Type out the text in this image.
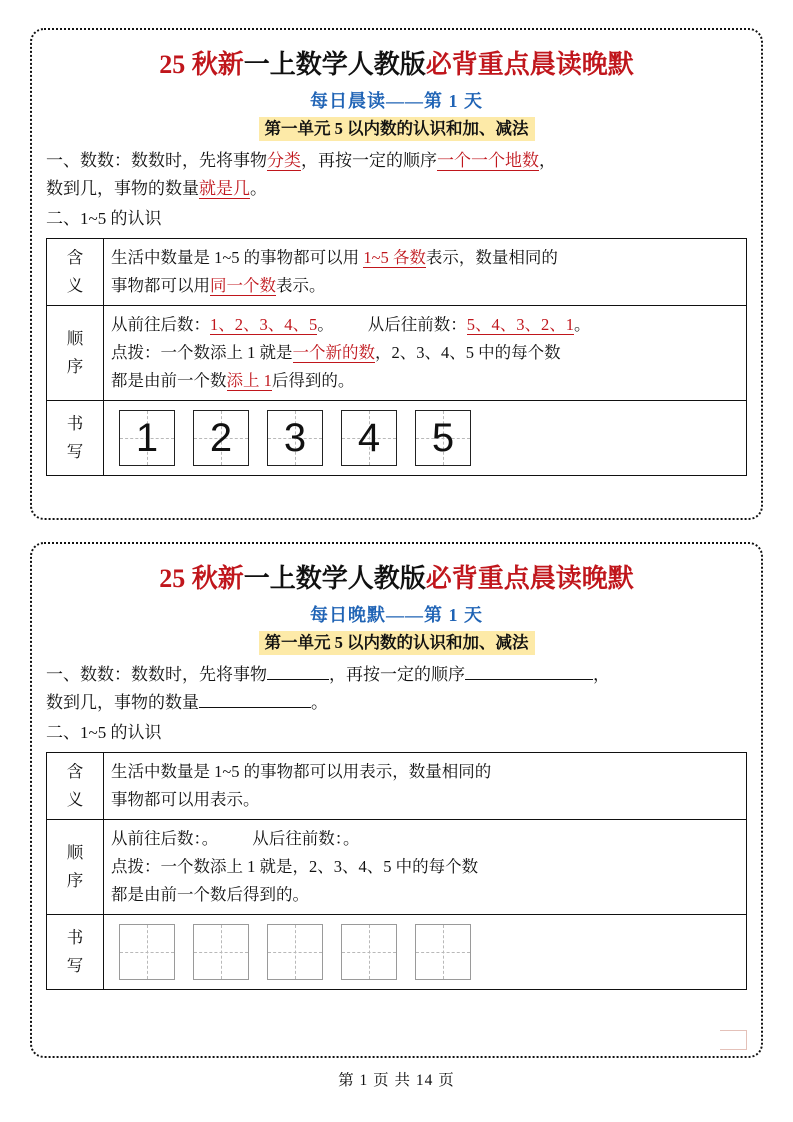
25 秋新一上数学人教版必背重点晨读晚默
每日晨读——第 1 天
第一单元 5 以内数的认识和加、减法
一、数数：数数时，先将事物分类，再按一定的顺序一个一个地数，
数到几，事物的数量就是几。
二、1~5 的认识
含
义

生活中数量是 1~5 的事物都可以用 1~5 各数表示，数量相同的
事物都可以用同一个数表示。

顺
序

从前往后数：1、2、3、4、5。 从后往前数：5、4、3、2、1。
点拨：一个数添上 1 就是一个新的数，2、3、4、5 中的每个数
都是由前一个数添上 1后得到的。

书
写	1	2	3	4	5
25 秋新一上数学人教版必背重点晨读晚默
每日晚默——第 1 天
第一单元 5 以内数的认识和加、减法
一、数数：数数时，先将事物	，再按一定的顺序	，
数到几，事物的数量	。
二、1~5 的认识
含
义

生活中数量是 1~5 的事物都可以用表示，数量相同的
事物都可以用表示。

顺
序

从前往后数：。 从后往前数：。
点拨：一个数添上 1 就是，2、3、4、5 中的每个数
都是由前一个数后得到的。

书
写	

第 1 页 共 14 页
